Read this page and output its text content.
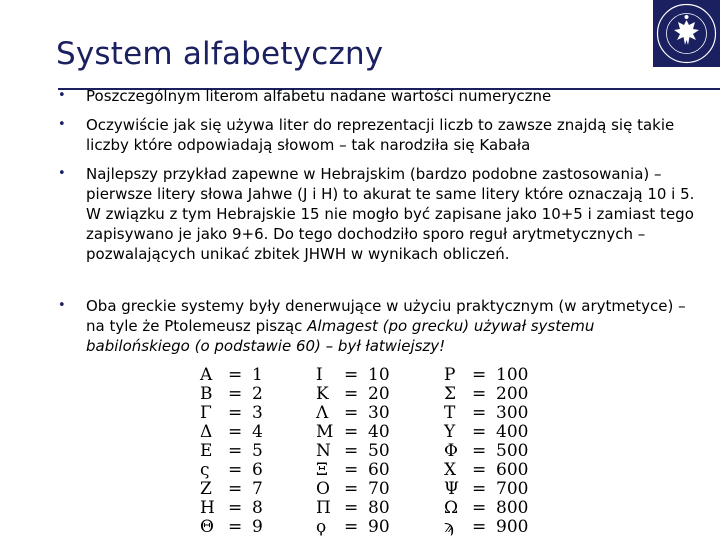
System alfabetyczny
• Poszczególnym literom alfabetu nadane wartości numeryczne
• Oczywiście jak się używa liter do reprezentacji liczb to zawsze znajdą się takie liczby które odpowiadają słowom – tak narodziła się Kabała
• Najlepszy przykład zapewne w Hebrajskim (bardzo podobne zastosowania) – pierwsze litery słowa Jahwe (J i H) to akurat te same litery które oznaczają 10 i 5. W związku z tym Hebrajskie 15 nie mogło być zapisane jako 10+5 i zamiast tego zapisywano je jako 9+6. Do tego dochodziło sporo reguł arytmetycznych – pozwalających unikać zbitek JHWH w wynikach obliczeń.
• Oba greckie systemy były denerwujące w użyciu praktycznym (w arytmetyce) – na tyle że Ptolemeusz pisząc Almagest (po grecku) używał systemu babilońskiego (o podstawie 60) – był łatwiejszy!
Α = 1
Β = 2
Γ = 3
Δ = 4
Ε = 5
ς = 6
Ζ = 7
Η = 8
Θ = 9
Ι = 10
Κ = 20
Λ = 30
Μ = 40
Ν = 50
Ξ = 60
Ο = 70
Π = 80
ϙ = 90
Ρ = 100
Σ = 200
Τ = 300
Υ = 400
Φ = 500
Χ = 600
Ψ = 700
Ω = 800
ϡ = 900
